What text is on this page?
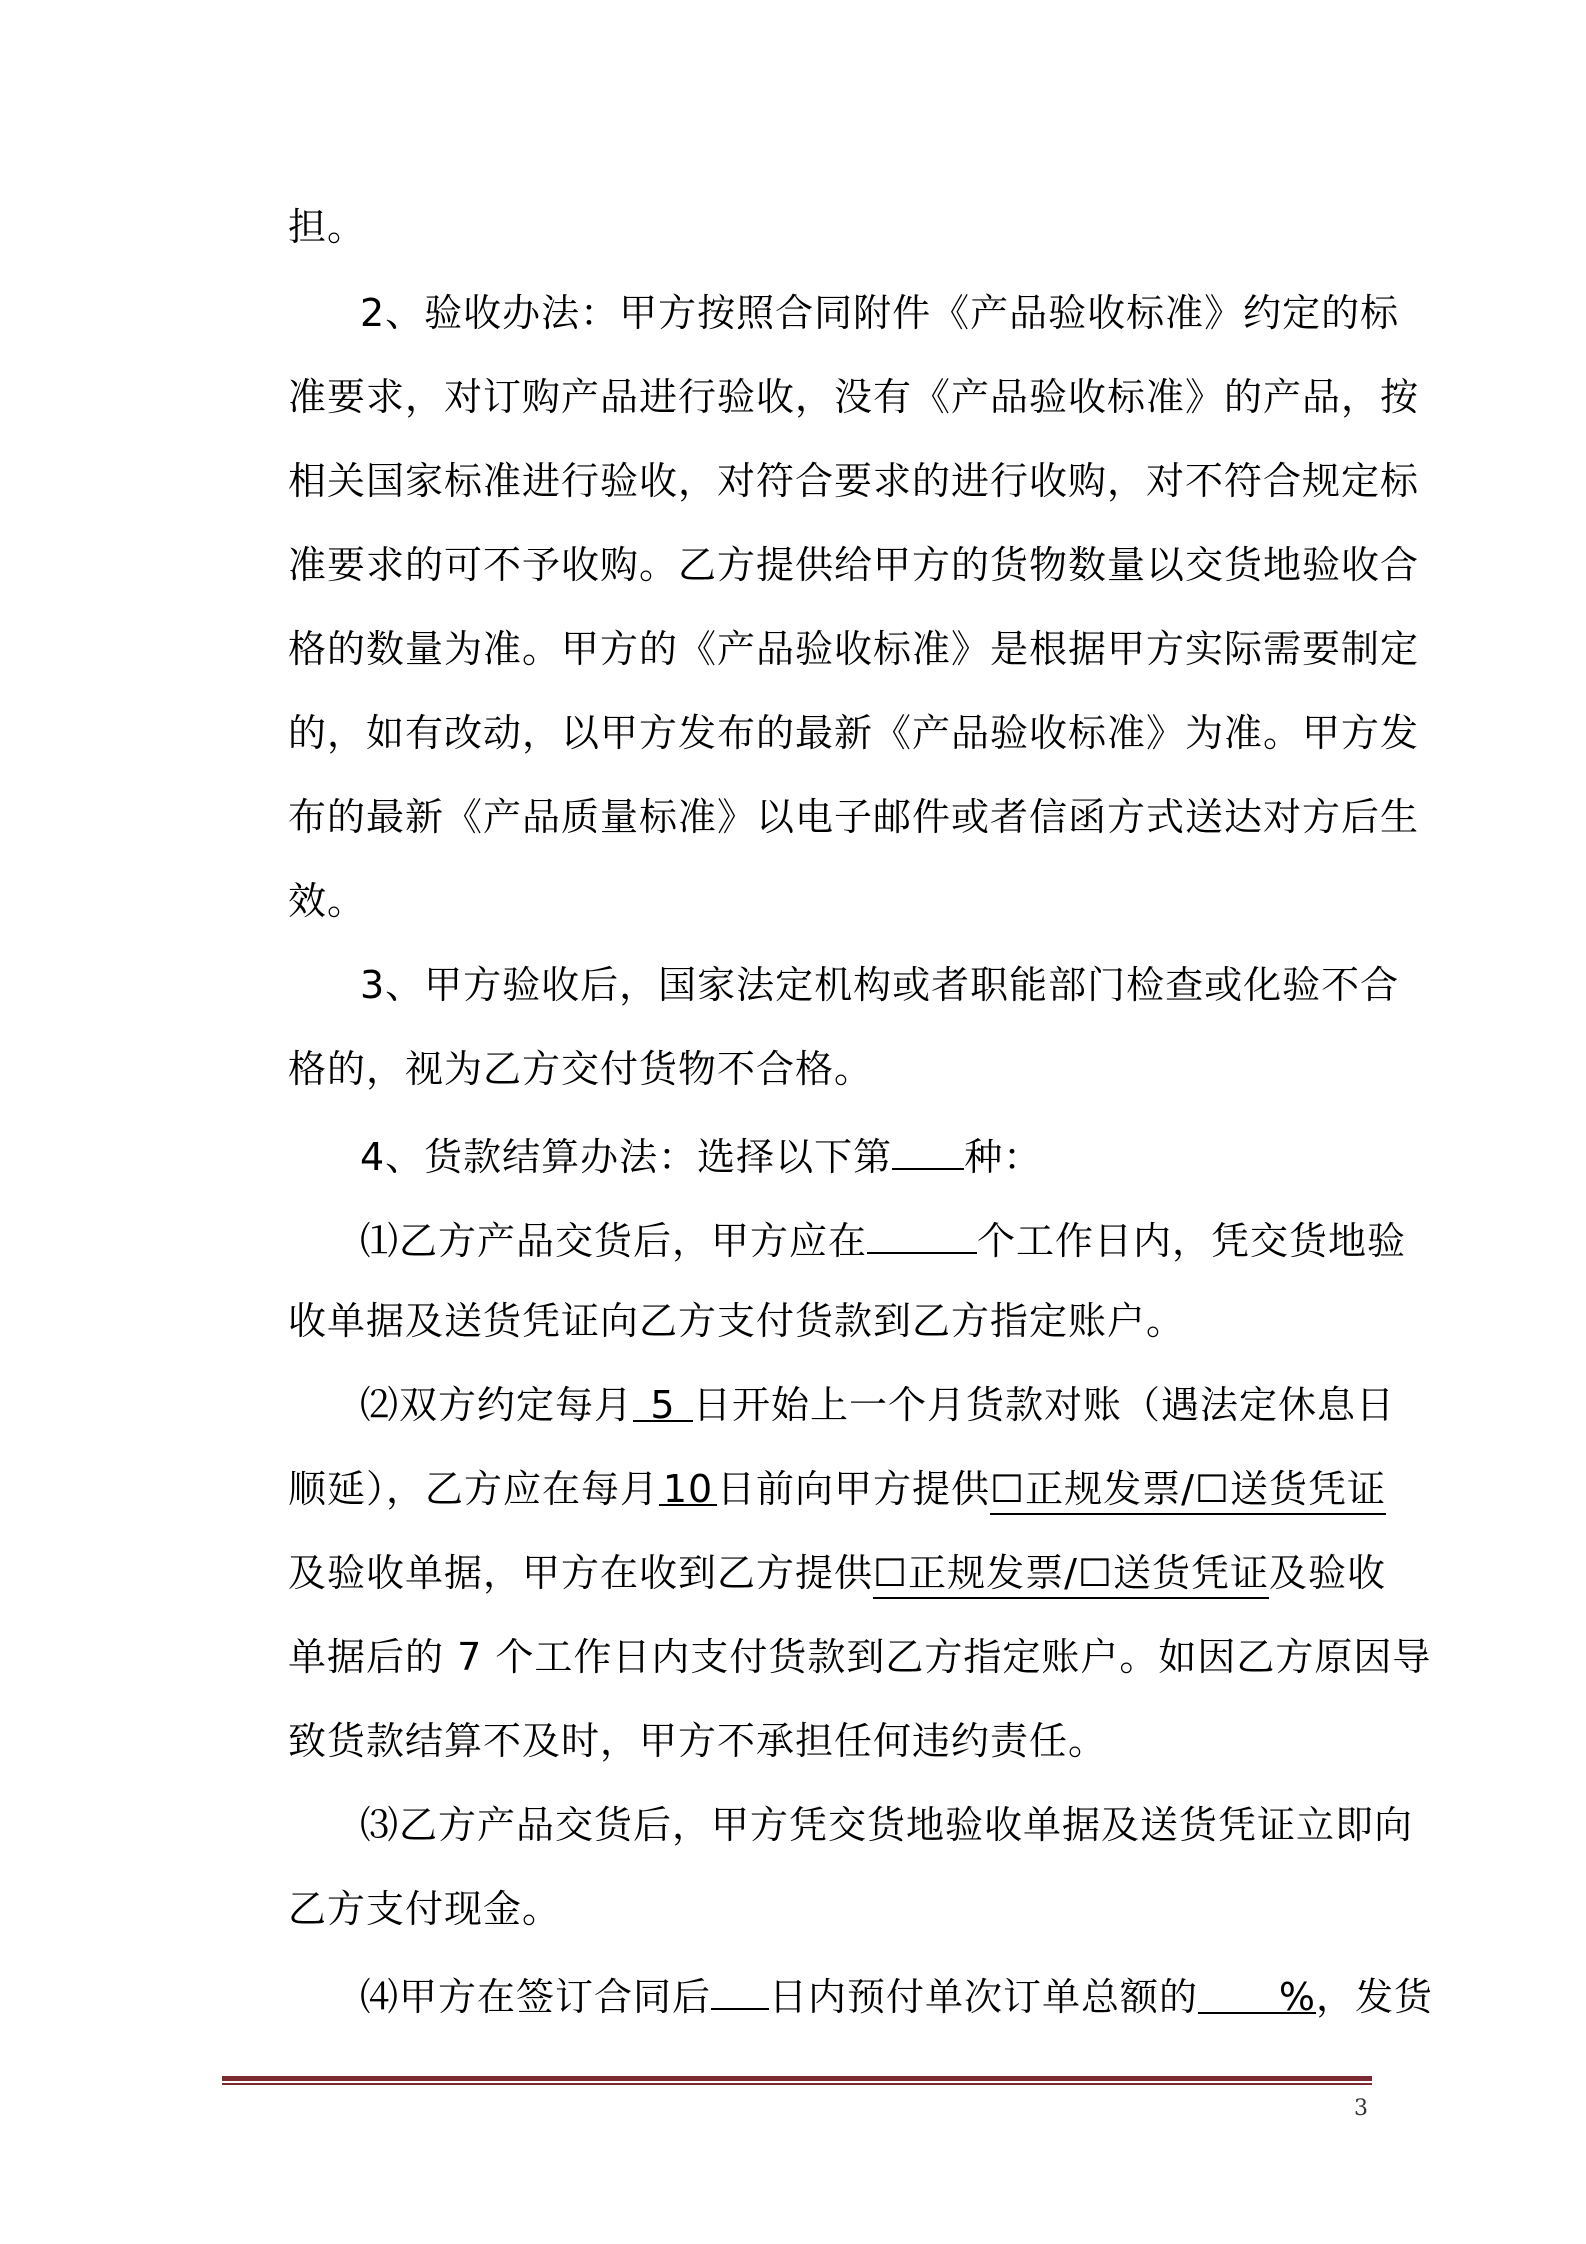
担。
2、验收办法：甲方按照合同附件《产品验收标准》约定的标
准要求，对订购产品进行验收，没有《产品验收标准》的产品，按
相关国家标准进行验收，对符合要求的进行收购，对不符合规定标
准要求的可不予收购。乙方提供给甲方的货物数量以交货地验收合
格的数量为准。甲方的《产品验收标准》是根据甲方实际需要制定
的，如有改动，以甲方发布的最新《产品验收标准》为准。甲方发
布的最新《产品质量标准》以电子邮件或者信函方式送达对方后生
效。
3、甲方验收后，国家法定机构或者职能部门检查或化验不合
格的，视为乙方交付货物不合格。
4、货款结算办法：选择以下第 种：
⑴乙方产品交货后，甲方应在	个工作日内，凭交货地验
收单据及送货凭证向乙方支付货款到乙方指定账户。
⑵双方约定每月 5 日开始上一个月货款对账（遇法定休息日
顺延），乙方应在每月 10 日前向甲方提供☐正规发票/☐送货凭证
及验收单据，甲方在收到乙方提供☐正规发票/☐送货凭证及验收
单据后的 7 个工作日内支付货款到乙方指定账户。如因乙方原因导
致货款结算不及时，甲方不承担任何违约责任。
⑶乙方产品交货后，甲方凭交货地验收单据及送货凭证立即向
乙方支付现金。
⑷甲方在签订合同后 日内预付单次订单总额的 %，发货
3
